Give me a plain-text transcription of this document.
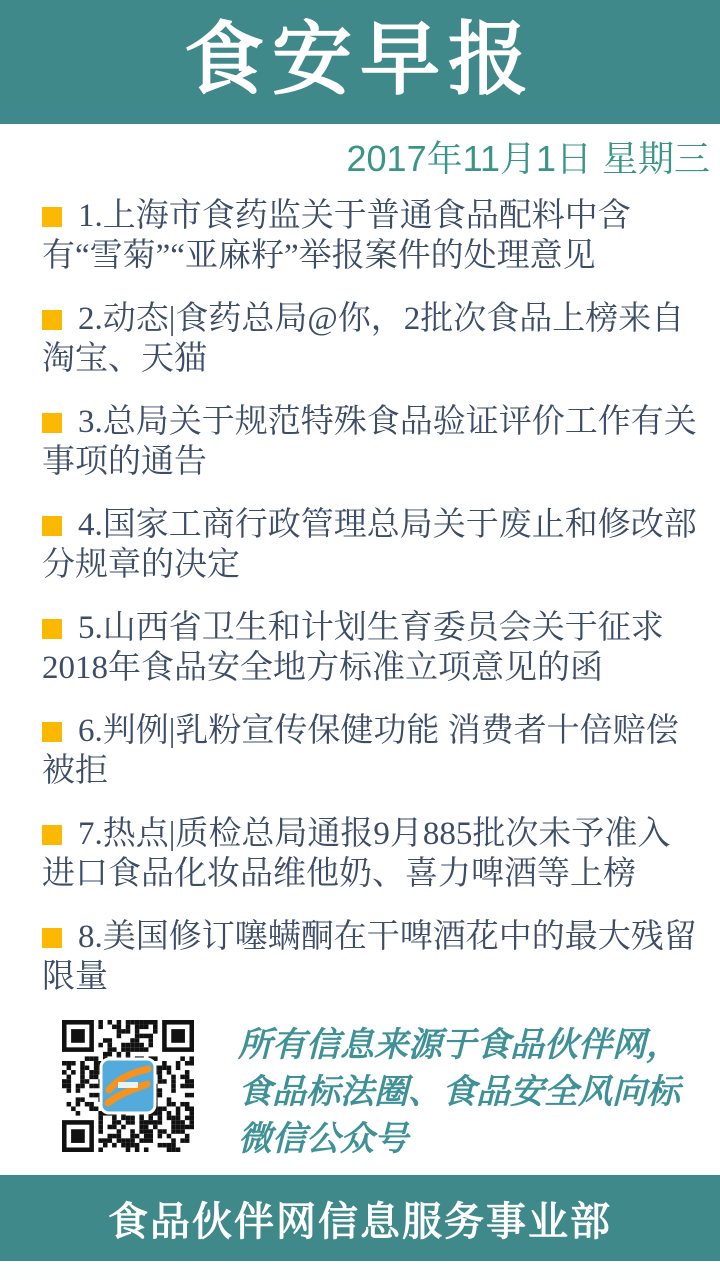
食安早报
2017年11月1日 星期三
1.上海市食药监关于普通食品配料中含有“雪菊”“亚麻籽”举报案件的处理意见
2.动态|食药总局@你，2批次食品上榜来自淘宝、天猫
3.总局关于规范特殊食品验证评价工作有关事项的通告
4.国家工商行政管理总局关于废止和修改部分规章的决定
5.山西省卫生和计划生育委员会关于征求2018年食品安全地方标准立项意见的函
6.判例|乳粉宣传保健功能 消费者十倍赔偿被拒
7.热点|质检总局通报9月885批次未予准入进口食品化妆品维他奶、喜力啤酒等上榜
8.美国修订噻螨酮在干啤酒花中的最大残留限量
所有信息来源于食品伙伴网，食品标法圈、食品安全风向标微信公众号
食品伙伴网信息服务事业部
